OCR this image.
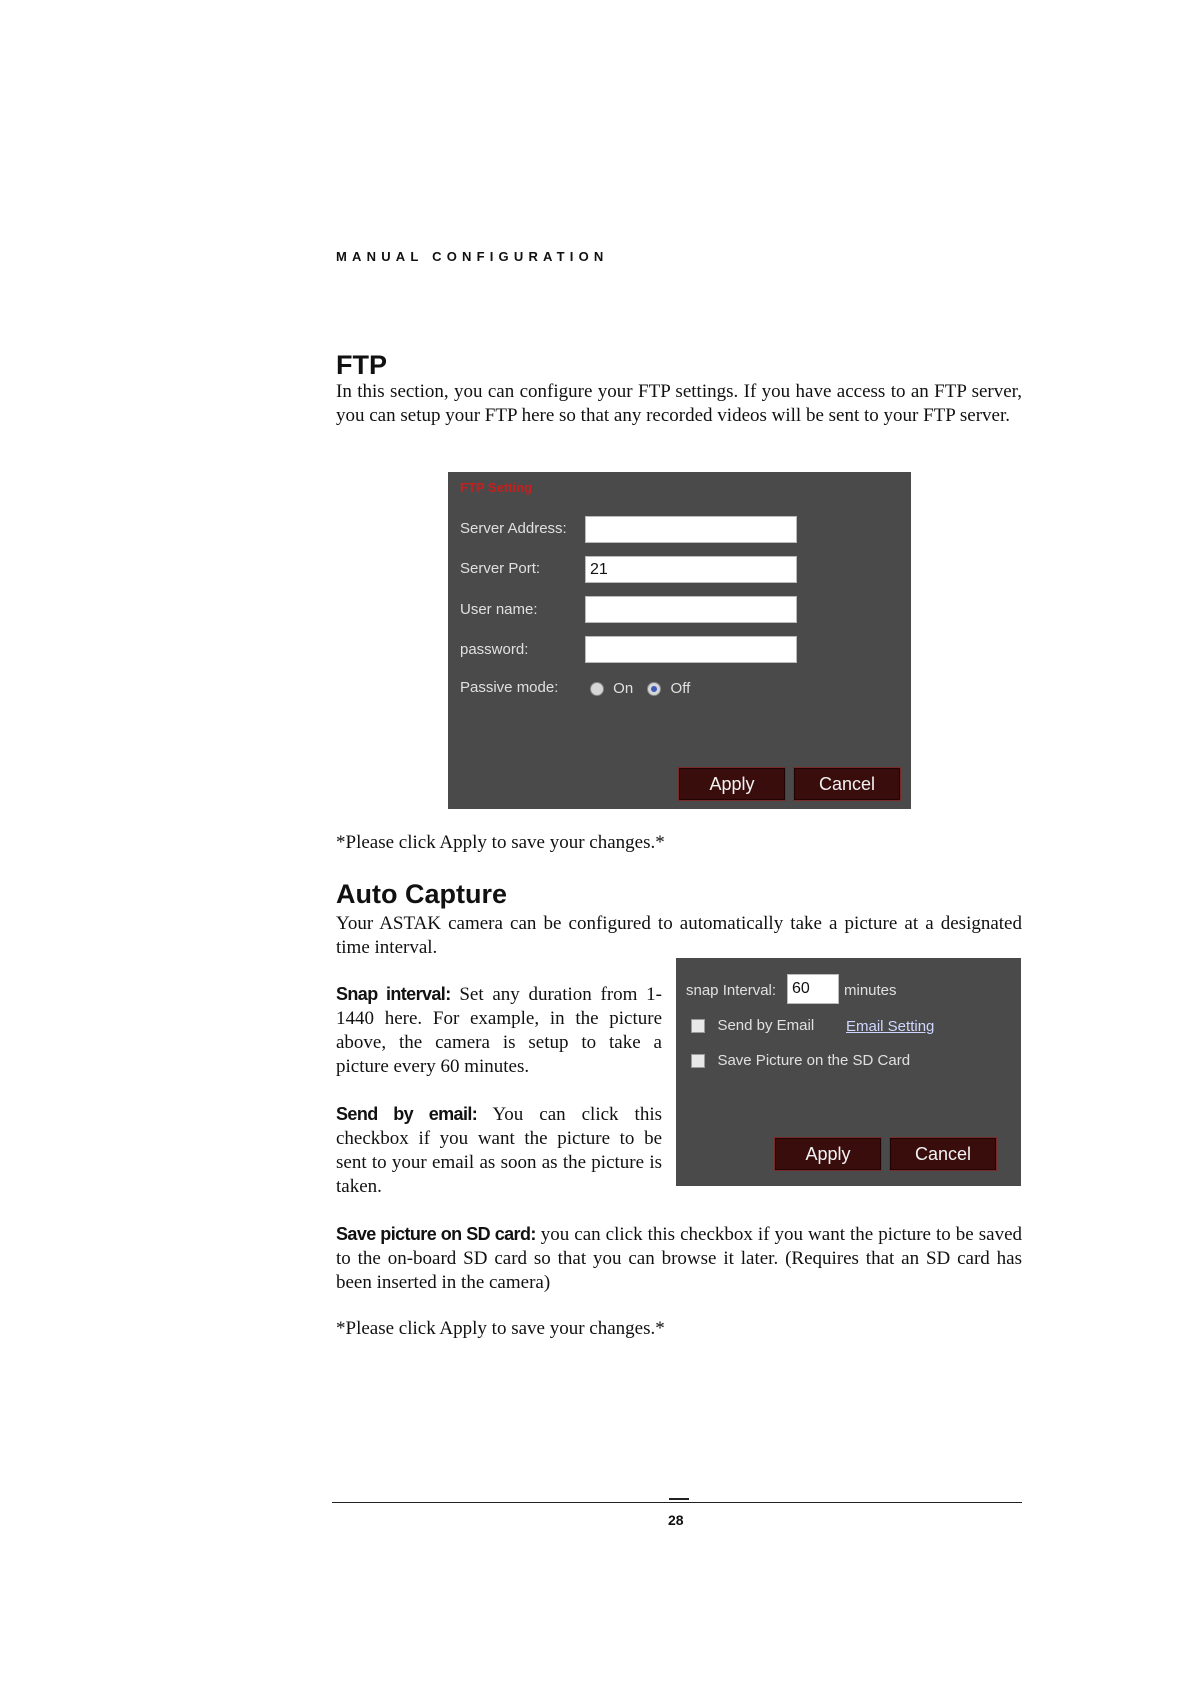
MANUAL CONFIGURATION
FTP

In this section, you can configure your FTP settings. If you have access to an FTP server, you can setup your FTP here so that any recorded videos will be sent to your FTP server.

FTP Setting
Server Address:
Server Port:
21
User name:
password:
Passive mode:	On Off
Apply	Cancel

*Please click Apply to save your changes.*

Auto Capture

Your ASTAK camera can be configured to automatically take a picture at a designated time interval.

Snap interval: Set any duration from 1-1440 here. For example, in the picture above, the camera is setup to take a picture every 60 minutes.

Send by email: You can click this checkbox if you want the picture to be sent to your email as soon as the picture is taken.

snap Interval:
60	minutes
Send by Email Email Setting
Save Picture on the SD Card
Apply	Cancel

Save picture on SD card: you can click this checkbox if you want the picture to be saved to the on-board SD card so that you can browse it later. (Requires that an SD card has been inserted in the camera)

*Please click Apply to save your changes.*

28
